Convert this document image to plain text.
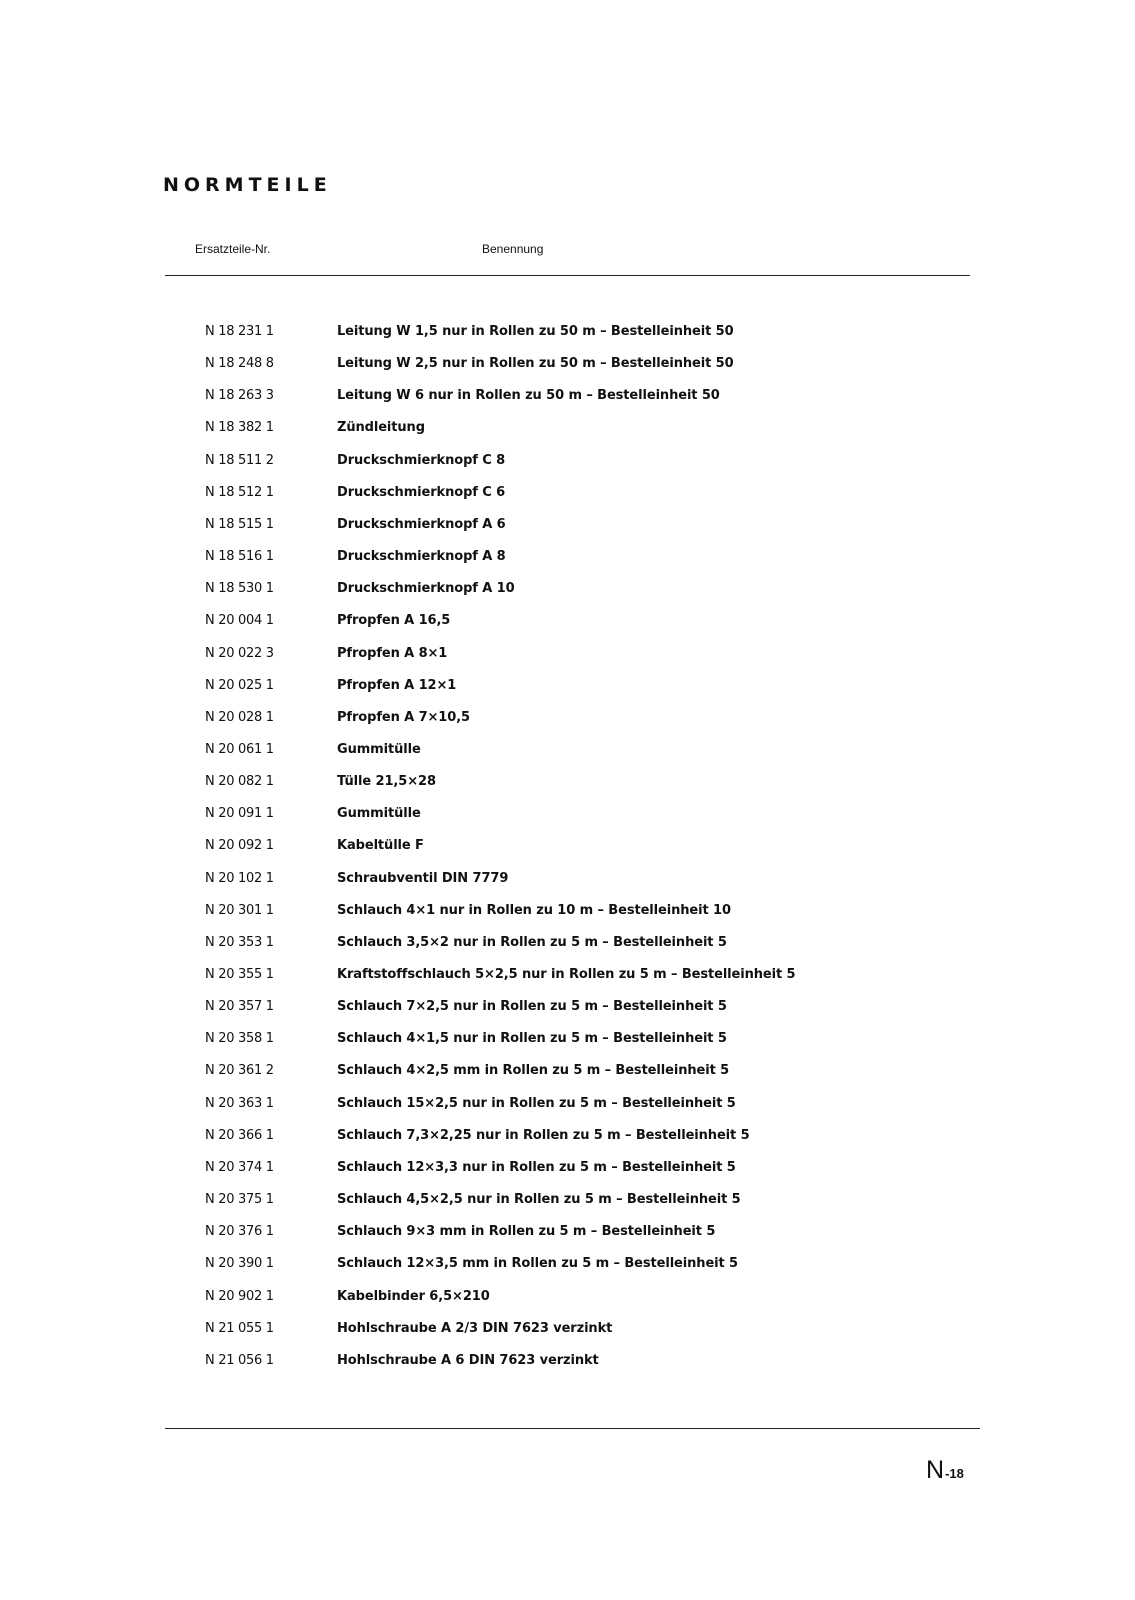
NORMTEILE
Ersatzteile-Nr.	Benennung
N 18 231 1	Leitung W 1,5 nur in Rollen zu 50 m – Bestelleinheit 50
N 18 248 8	Leitung W 2,5 nur in Rollen zu 50 m – Bestelleinheit 50
N 18 263 3	Leitung W 6 nur in Rollen zu 50 m – Bestelleinheit 50
N 18 382 1	Zündleitung
N 18 511 2	Druckschmierknopf C 8
N 18 512 1	Druckschmierknopf C 6
N 18 515 1	Druckschmierknopf A 6
N 18 516 1	Druckschmierknopf A 8
N 18 530 1	Druckschmierknopf A 10
N 20 004 1	Pfropfen A 16,5
N 20 022 3	Pfropfen A 8×1
N 20 025 1	Pfropfen A 12×1
N 20 028 1	Pfropfen A 7×10,5
N 20 061 1	Gummitülle
N 20 082 1	Tülle 21,5×28
N 20 091 1	Gummitülle
N 20 092 1	Kabeltülle F
N 20 102 1	Schraubventil DIN 7779
N 20 301 1	Schlauch 4×1 nur in Rollen zu 10 m – Bestelleinheit 10
N 20 353 1	Schlauch 3,5×2 nur in Rollen zu 5 m – Bestelleinheit 5
N 20 355 1	Kraftstoffschlauch 5×2,5 nur in Rollen zu 5 m – Bestelleinheit 5
N 20 357 1	Schlauch 7×2,5 nur in Rollen zu 5 m – Bestelleinheit 5
N 20 358 1	Schlauch 4×1,5 nur in Rollen zu 5 m – Bestelleinheit 5
N 20 361 2	Schlauch 4×2,5 mm in Rollen zu 5 m – Bestelleinheit 5
N 20 363 1	Schlauch 15×2,5 nur in Rollen zu 5 m – Bestelleinheit 5
N 20 366 1	Schlauch 7,3×2,25 nur in Rollen zu 5 m – Bestelleinheit 5
N 20 374 1	Schlauch 12×3,3 nur in Rollen zu 5 m – Bestelleinheit 5
N 20 375 1	Schlauch 4,5×2,5 nur in Rollen zu 5 m – Bestelleinheit 5
N 20 376 1	Schlauch 9×3 mm in Rollen zu 5 m – Bestelleinheit 5
N 20 390 1	Schlauch 12×3,5 mm in Rollen zu 5 m – Bestelleinheit 5
N 20 902 1	Kabelbinder 6,5×210
N 21 055 1	Hohlschraube A 2/3 DIN 7623 verzinkt
N 21 056 1	Hohlschraube A 6 DIN 7623 verzinkt
N-18
